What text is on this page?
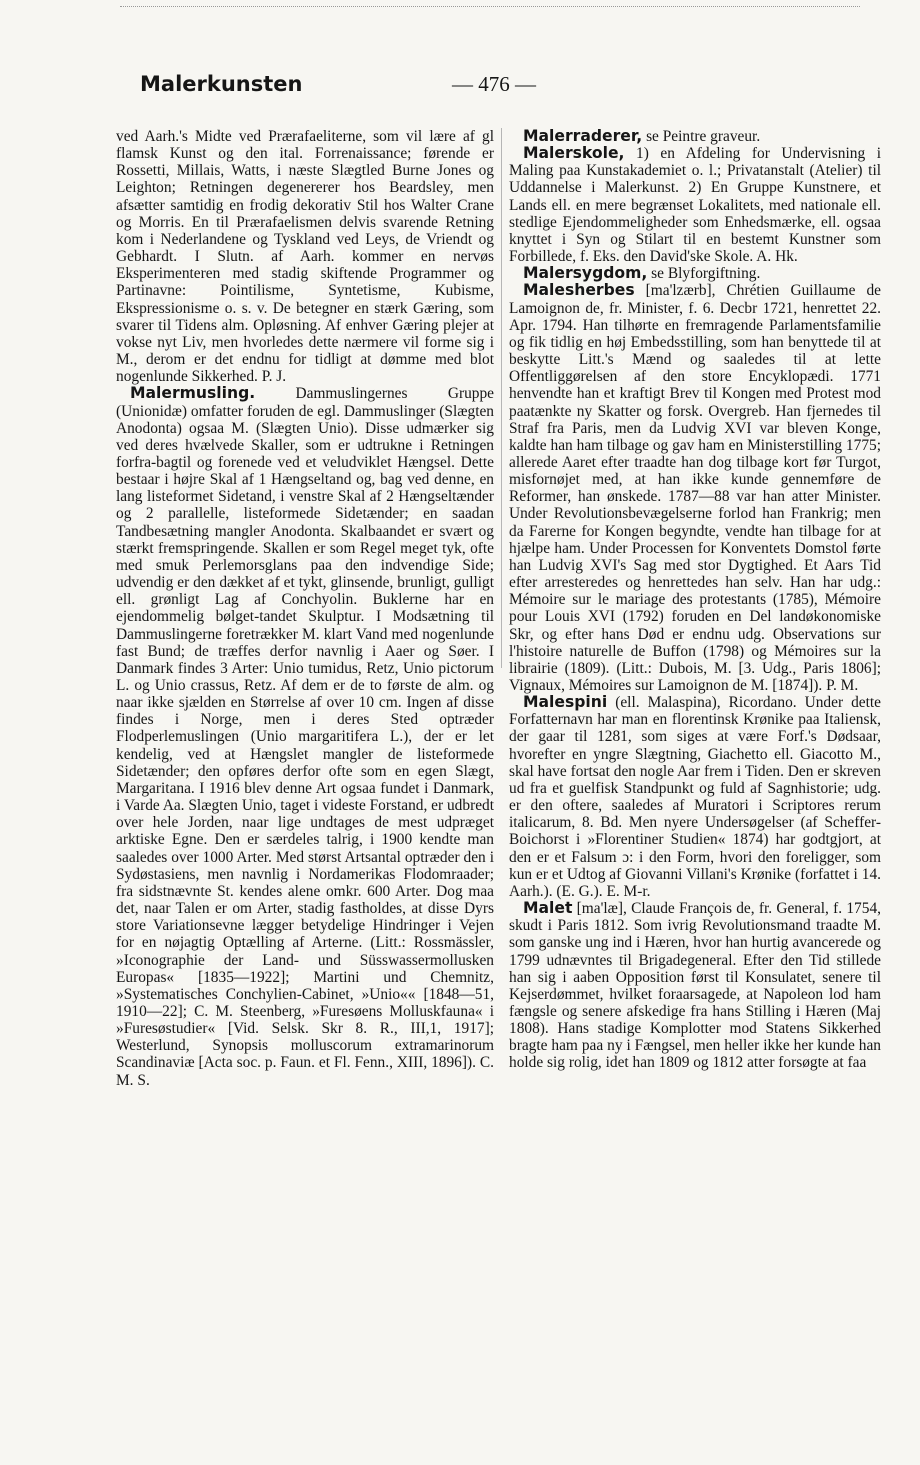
Malerkunsten	— 476 —

ved Aarh.'s Midte ved Prærafaeliterne, som vil lære af gl flamsk Kunst og den ital. Forrenaissance; førende er Rossetti, Millais, Watts, i næste Slægtled Burne Jones og Leighton; Retningen degenererer hos Beardsley, men afsætter samtidig en frodig dekorativ Stil hos Walter Crane og Morris. En til Prærafaelismen delvis svarende Retning kom i Nederlandene og Tyskland ved Leys, de Vriendt og Gebhardt. I Slutn. af Aarh. kommer en nervøs Eksperimenteren med stadig skiftende Programmer og Partinavne: Pointilisme, Syntetisme, Kubisme, Ekspressionisme o. s. v. De betegner en stærk Gæring, som svarer til Tidens alm. Opløsning. Af enhver Gæring plejer at vokse nyt Liv, men hvorledes dette nærmere vil forme sig i M., derom er det endnu for tidligt at dømme med blot nogenlunde Sikkerhed. P. J.

Malermusling.	Dammuslingernes Gruppe (Unionidæ) omfatter foruden de egl. Dammuslinger (Slægten Anodonta) ogsaa M. (Slægten Unio). Disse udmærker sig ved deres hvælvede Skaller, som er udtrukne i Retningen forfra-bagtil og forenede ved et veludviklet Hængsel. Dette bestaar i højre Skal af 1 Hængseltand og, bag ved denne, en lang listeformet Sidetand, i venstre Skal af 2 Hængseltænder og 2 parallelle, listeformede Sidetænder; en saadan Tandbesætning mangler Anodonta. Skalbaandet er svært og stærkt fremspringende. Skallen er som Regel meget tyk, ofte med smuk Perlemorsglans paa den indvendige Side; udvendig er den dækket af et tykt, glinsende, brunligt, gulligt ell. grønligt Lag af Conchyolin. Buklerne har en ejendommelig bølget-tandet Skulptur. I Modsætning til Dammuslingerne foretrækker M. klart Vand med nogenlunde fast Bund; de træffes derfor navnlig i Aaer og Søer. I Danmark findes 3 Arter: Unio tumidus, Retz, Unio pictorum L. og Unio crassus, Retz. Af dem er de to første de alm. og naar ikke sjælden en Størrelse af over 10 cm. Ingen af disse findes i Norge, men i deres Sted optræder Flodperlemuslingen (Unio margaritifera L.), der er let kendelig, ved at Hængslet mangler de listeformede Sidetænder; den opføres derfor ofte som en egen Slægt, Margaritana. I 1916 blev denne Art ogsaa fundet i Danmark, i Varde Aa. Slægten Unio, taget i videste Forstand, er udbredt over hele Jorden, naar lige undtages de mest udpræget arktiske Egne. Den er særdeles talrig, i 1900 kendte man saaledes over 1000 Arter. Med størst Artsantal optræder den i Sydøstasiens, men navnlig i Nordamerikas Flodomraader; fra sidstnævnte St. kendes alene omkr. 600 Arter. Dog maa det, naar Talen er om Arter, stadig fastholdes, at disse Dyrs store Variationsevne lægger betydelige Hindringer i Vejen for en nøjagtig Optælling af Arterne. (Litt.: Rossmässler, »Iconographie der Land- und Süsswassermollusken Europas« [1835—1922]; Martini und Chemnitz, »Systematisches Conchylien-Cabinet, »Unio«« [1848—51, 1910—22]; C. M. Steenberg, »Furesøens Molluskfauna« i »Furesøstudier« [Vid. Selsk. Skr 8. R., III,1, 1917]; Westerlund, Synopsis molluscorum extramarinorum Scandinaviæ [Acta soc. p. Faun. et Fl. Fenn., XIII, 1896]). C. M. S.

Malerraderer, se Peintre graveur.

Malerskole, 1) en Afdeling for Undervisning i Maling paa Kunstakademiet o. l.; Privatanstalt (Atelier) til Uddannelse i Malerkunst. 2) En Gruppe Kunstnere, et Lands ell. en mere begrænset Lokalitets, med nationale ell. stedlige Ejendommeligheder som Enhedsmærke, ell. ogsaa knyttet i Syn og Stilart til en bestemt Kunstner som Forbillede, f. Eks. den David'ske Skole. A. Hk.

Malersygdom, se Blyforgiftning.

Malesherbes [ma'lzærb], Chrétien Guillaume de Lamoignon de, fr. Minister, f. 6. Decbr 1721, henrettet 22. Apr. 1794. Han tilhørte en fremragende Parlamentsfamilie og fik tidlig en høj Embedsstilling, som han benyttede til at beskytte Litt.'s Mænd og saaledes til at lette Offentliggørelsen af den store Encyklopædi. 1771 henvendte han et kraftigt Brev til Kongen med Protest mod paatænkte ny Skatter og forsk. Overgreb. Han fjernedes til Straf fra Paris, men da Ludvig XVI var bleven Konge, kaldte han ham tilbage og gav ham en Ministerstilling 1775; allerede Aaret efter traadte han dog tilbage kort før Turgot, misfornøjet med, at han ikke kunde gennemføre de Reformer, han ønskede. 1787—88 var han atter Minister. Under Revolutionsbevægelserne forlod han Frankrig; men da Farerne for Kongen begyndte, vendte han tilbage for at hjælpe ham. Under Processen for Konventets Domstol førte han Ludvig XVI's Sag med stor Dygtighed. Et Aars Tid efter arresteredes og henrettedes han selv. Han har udg.: Mémoire sur le mariage des protestants (1785), Mémoire pour Louis XVI (1792) foruden en Del landøkonomiske Skr, og efter hans Død er endnu udg. Observations sur l'histoire naturelle de Buffon (1798) og Mémoires sur la librairie (1809). (Litt.: Dubois, M. [3. Udg., Paris 1806]; Vignaux, Mémoires sur Lamoignon de M. [1874]). P. M.

Malespini (ell. Malaspina), Ricordano. Under dette Forfatternavn har man en florentinsk Krønike paa Italiensk, der gaar til 1281, som siges at være Forf.'s Dødsaar, hvorefter en yngre Slægtning, Giachetto ell. Giacotto M., skal have fortsat den nogle Aar frem i Tiden. Den er skreven ud fra et guelfisk Standpunkt og fuld af Sagnhistorie; udg. er den oftere, saaledes af Muratori i Scriptores rerum italicarum, 8. Bd. Men nyere Undersøgelser (af Scheffer-Boichorst i »Florentiner Studien« 1874) har godtgjort, at den er et Falsum ɔ: i den Form, hvori den foreligger, som kun er et Udtog af Giovanni Villani's Krønike (forfattet i 14. Aarh.). (E. G.). E. M-r.

Malet [ma'læ], Claude François de, fr. General, f. 1754, skudt i Paris 1812. Som ivrig Revolutionsmand traadte M. som ganske ung ind i Hæren, hvor han hurtig avancerede og 1799 udnævntes til Brigadegeneral. Efter den Tid stillede han sig i aaben Opposition først til Konsulatet, senere til Kejserdømmet, hvilket foraarsagede, at Napoleon lod ham fængsle og senere afskedige fra hans Stilling i Hæren (Maj 1808). Hans stadige Komplotter mod Statens Sikkerhed bragte ham paa ny i Fængsel, men heller ikke her kunde han holde sig rolig, idet han 1809 og 1812 atter forsøgte at faa
